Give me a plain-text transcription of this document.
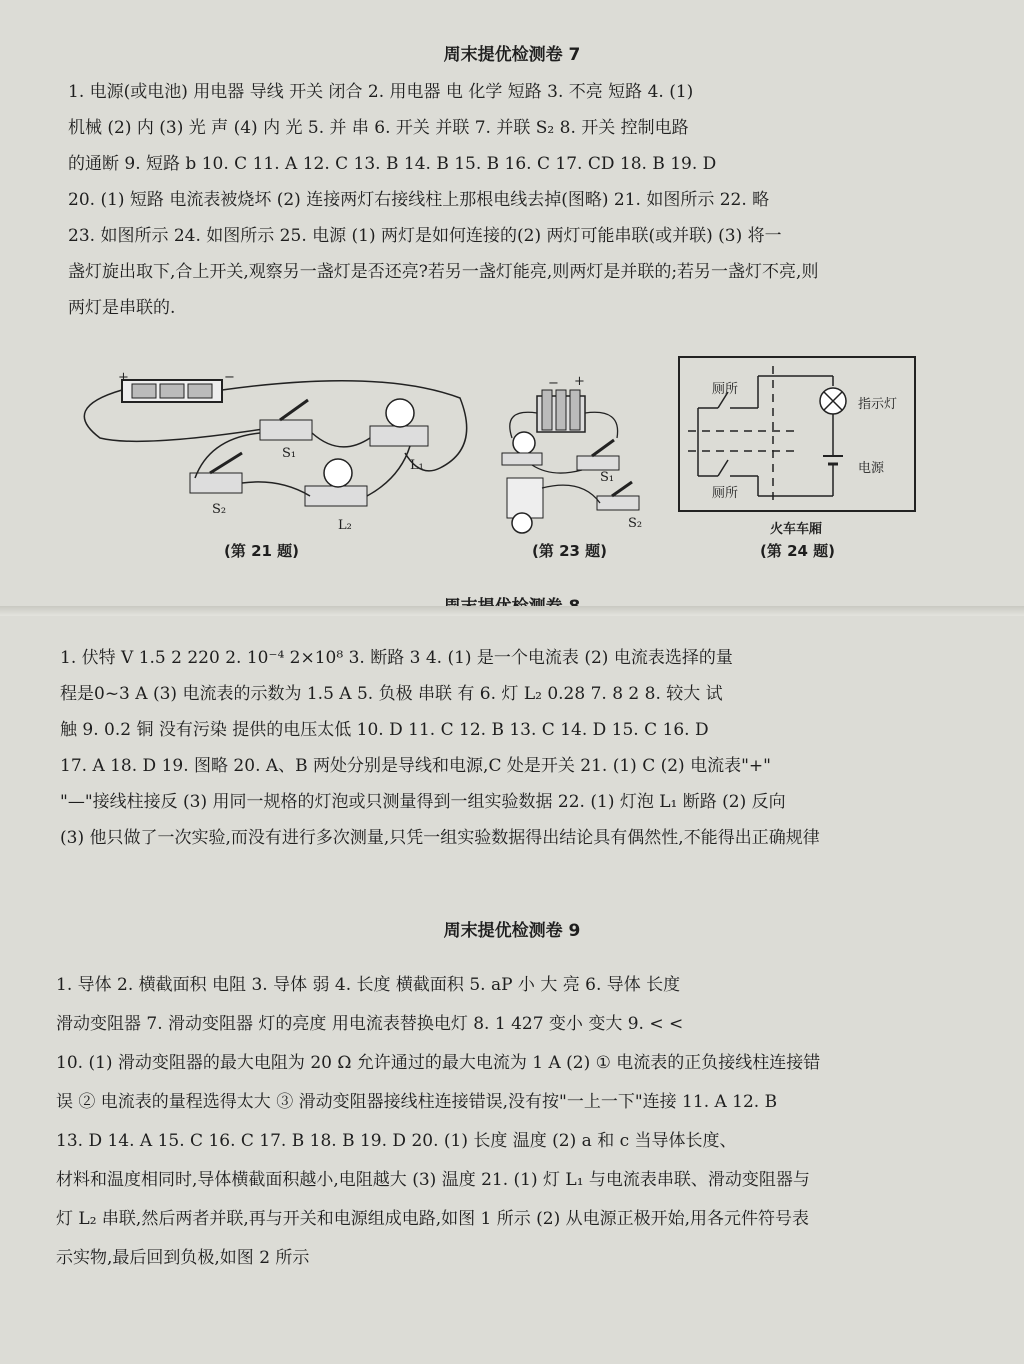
周末提优检测卷 7
1. 电源(或电池) 用电器 导线 开关 闭合 2. 用电器 电 化学 短路 3. 不亮 短路 4. (1)
机械 (2) 内 (3) 光 声 (4) 内 光 5. 并 串 6. 开关 并联 7. 并联 S₂ 8. 开关 控制电路
的通断 9. 短路 b 10. C 11. A 12. C 13. B 14. B 15. B 16. C 17. CD 18. B 19. D
20. (1) 短路 电流表被烧坏 (2) 连接两灯右接线柱上那根电线去掉(图略) 21. 如图所示 22. 略
23. 如图所示 24. 如图所示 25. 电源 (1) 两灯是如何连接的(2) 两灯可能串联(或并联) (3) 将一
盏灯旋出取下,合上开关,观察另一盏灯是否还亮?若另一盏灯能亮,则两灯是并联的;若另一盏灯不亮,则
两灯是串联的.
+	−
S₁
L₁
S₂
L₂
(第 21 题)
− +
S₁
S₂
(第 23 题)
厕所
厕所
指示灯
电源
火车车厢
(第 24 题)
1. 伏特 V 1.5 2 220 2. 10⁻⁴ 2×10⁸ 3. 断路 3 4. (1) 是一个电流表 (2) 电流表选择的量
程是0~3 A (3) 电流表的示数为 1.5 A 5. 负极 串联 有 6. 灯 L₂ 0.28 7. 8 2 8. 较大 试
触 9. 0.2 铜 没有污染 提供的电压太低 10. D 11. C 12. B 13. C 14. D 15. C 16. D
17. A 18. D 19. 图略 20. A、B 两处分别是导线和电源,C 处是开关 21. (1) C (2) 电流表"+"
"—"接线柱接反 (3) 用同一规格的灯泡或只测量得到一组实验数据 22. (1) 灯泡 L₁ 断路 (2) 反向
(3) 他只做了一次实验,而没有进行多次测量,只凭一组实验数据得出结论具有偶然性,不能得出正确规律
周末提优检测卷 9
1. 导体 2. 横截面积 电阻 3. 导体 弱 4. 长度 横截面积 5. aP 小 大 亮 6. 导体 长度
滑动变阻器 7. 滑动变阻器 灯的亮度 用电流表替换电灯 8. 1 427 变小 变大 9. < <
10. (1) 滑动变阻器的最大电阻为 20 Ω 允许通过的最大电流为 1 A (2) ① 电流表的正负接线柱连接错
误 ② 电流表的量程选得太大 ③ 滑动变阻器接线柱连接错误,没有按"一上一下"连接 11. A 12. B
13. D 14. A 15. C 16. C 17. B 18. B 19. D 20. (1) 长度 温度 (2) a 和 c 当导体长度、
材料和温度相同时,导体横截面积越小,电阻越大 (3) 温度 21. (1) 灯 L₁ 与电流表串联、滑动变阻器与
灯 L₂ 串联,然后两者并联,再与开关和电源组成电路,如图 1 所示 (2) 从电源正极开始,用各元件符号表
示实物,最后回到负极,如图 2 所示
